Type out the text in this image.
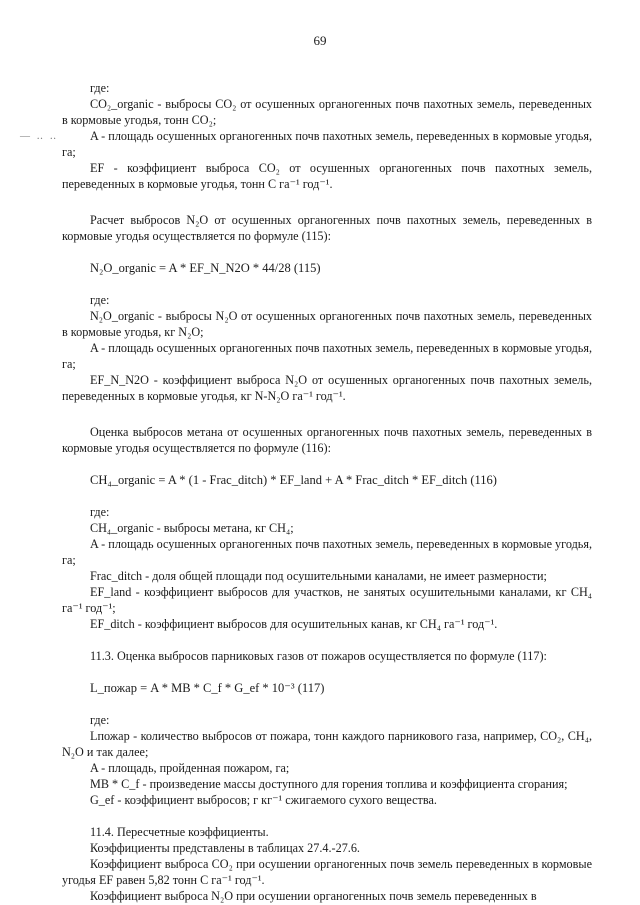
69
— ‥ ‥

где:

CO₂_organic - выбросы CO₂ от осушенных органогенных почв пахотных земель, переведенных в кормовые угодья, тонн CO₂;

A - площадь осушенных органогенных почв пахотных земель, переведенных в кормовые угодья, га;

EF - коэффициент выброса CO₂ от осушенных органогенных почв пахотных земель, переведенных в кормовые угодья, тонн C га⁻¹ год⁻¹.

Расчет выбросов N₂O от осушенных органогенных почв пахотных земель, переведенных в кормовые угодья осуществляется по формуле (115):

N₂O_organic = A * EF_N_N2O * 44/28 (115)

где:

N₂O_organic - выбросы N₂O от осушенных органогенных почв пахотных земель, переведенных в кормовые угодья, кг N₂O;

A - площадь осушенных органогенных почв пахотных земель, переведенных в кормовые угодья, га;

EF_N_N2O - коэффициент выброса N₂O от осушенных органогенных почв пахотных земель, переведенных в кормовые угодья, кг N-N₂O га⁻¹ год⁻¹.

Оценка выбросов метана от осушенных органогенных почв пахотных земель, переведенных в кормовые угодья осуществляется по формуле (116):

CH₄_organic = A * (1 - Frac_ditch) * EF_land + A * Frac_ditch * EF_ditch (116)

где:

CH₄_organic - выбросы метана, кг CH₄;

A - площадь осушенных органогенных почв пахотных земель, переведенных в кормовые угодья, га;

Frac_ditch - доля общей площади под осушительными каналами, не имеет размерности;

EF_land - коэффициент выбросов для участков, не занятых осушительными каналами, кг CH₄ га⁻¹ год⁻¹;

EF_ditch - коэффициент выбросов для осушительных канав, кг CH₄ га⁻¹ год⁻¹.

11.3. Оценка выбросов парниковых газов от пожаров осуществляется по формуле (117):

L_пожар = A * MB * C_f * G_ef * 10⁻³ (117)

где:

Lпожар - количество выбросов от пожара, тонн каждого парникового газа, например, CO₂, CH₄, N₂O и так далее;

A - площадь, пройденная пожаром, га;

MB * C_f - произведение массы доступного для горения топлива и коэффициента сгорания;

G_ef - коэффициент выбросов; г кг⁻¹ сжигаемого сухого вещества.

11.4. Пересчетные коэффициенты.

Коэффициенты представлены в таблицах 27.4.-27.6.

Коэффициент выброса CO₂ при осушении органогенных почв земель переведенных в кормовые угодья EF равен 5,82 тонн C га⁻¹ год⁻¹.

Коэффициент выброса N₂O при осушении органогенных почв земель переведенных в
